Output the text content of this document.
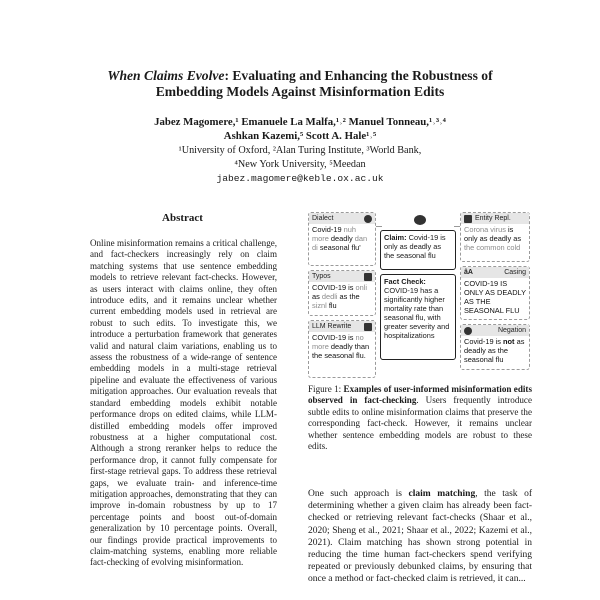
When Claims Evolve: Evaluating and Enhancing the Robustness of
Embedding Models Against Misinformation Edits
Jabez Magomere,¹ Emanuele La Malfa,¹˒² Manuel Tonneau,¹˒³˒⁴
Ashkan Kazemi,⁵ Scott A. Hale¹˒⁵
¹University of Oxford, ²Alan Turing Institute, ³World Bank,
⁴New York University, ⁵Meedan
jabez.magomere@keble.ox.ac.uk
Abstract
Online misinformation remains a critical challenge, and fact-checkers increasingly rely on claim matching systems that use sentence embedding models to retrieve relevant fact-checks. However, as users interact with claims online, they often introduce edits, and it remains unclear whether current embedding models used in retrieval are robust to such edits. To investigate this, we introduce a perturbation framework that generates valid and natural claim variations, enabling us to assess the robustness of a wide-range of sentence embedding models in a multi-stage retrieval pipeline and evaluate the effectiveness of various mitigation approaches. Our evaluation reveals that standard embedding models exhibit notable performance drops on edited claims, while LLM-distilled embedding models offer improved robustness at a higher computational cost. Although a strong reranker helps to reduce the performance drop, it cannot fully compensate for first-stage retrieval gaps. To address these retrieval gaps, we evaluate train- and inference-time mitigation approaches, demonstrating that they can improve in-domain robustness by up to 17 percentage points and boost out-of-domain generalization by 10 percentage points. Overall, our findings provide practical improvements to claim-matching systems, enabling more reliable fact-checking of evolving misinformation.
Dialect
Covid-19 nuh more deadly dan di seasonal flu'
Typos
COVID-19 is onli as dedli as the siznl flu
LLM Rewrite
COVID-19 is no more deadly than the seasonal flu.
Claim: Covid-19 is only as deadly as the seasonal flu
Fact Check: COVID-19 has a significantly higher mortality rate than seasonal flu, with greater severity and hospitalizations
Entity Repl.
Corona virus is only as deadly as the common cold
âA	Casing
COVID-19 IS ONLY AS DEADLY AS THE SEASONAL FLU
Negation
Covid-19 is not as deadly as the seasonal flu
Figure 1: Examples of user-informed misinformation edits observed in fact-checking. Users frequently introduce subtle edits to online misinformation claims that preserve the corresponding fact-check. However, it remains unclear whether sentence embedding models are robust to these edits.
One such approach is claim matching, the task of determining whether a given claim has already been fact-checked or retrieving relevant fact-checks (Shaar et al., 2020; Sheng et al., 2021; Shaar et al., 2022; Kazemi et al., 2021). Claim matching has shown strong potential in reducing the time human fact-checkers spend verifying repeated or previously debunked claims, by ensuring that once a method or fact-checked claim is retrieved, it can...
